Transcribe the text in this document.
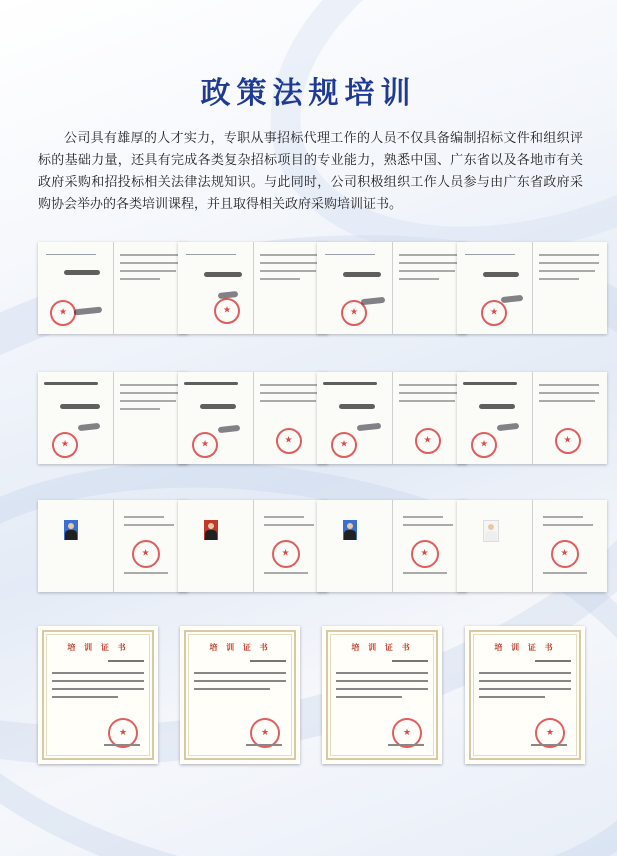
政策法规培训

公司具有雄厚的人才实力，专职从事招标代理工作的人员不仅具备编制招标文件和组织评标的基础力量，还具有完成各类复杂招标项目的专业能力，熟悉中国、广东省以及各地市有关政府采购和招投标相关法律法规知识。与此同时，公司积极组织工作人员参与由广东省政府采购协会举办的各类培训课程，并且取得相关政府采购培训证书。

★
★
★
★
★
★
★
★
★
★
★
★
★
★
★
培 训 证 书
★	培 训 证 书
★	培 训 证 书
★	培 训 证 书
★
